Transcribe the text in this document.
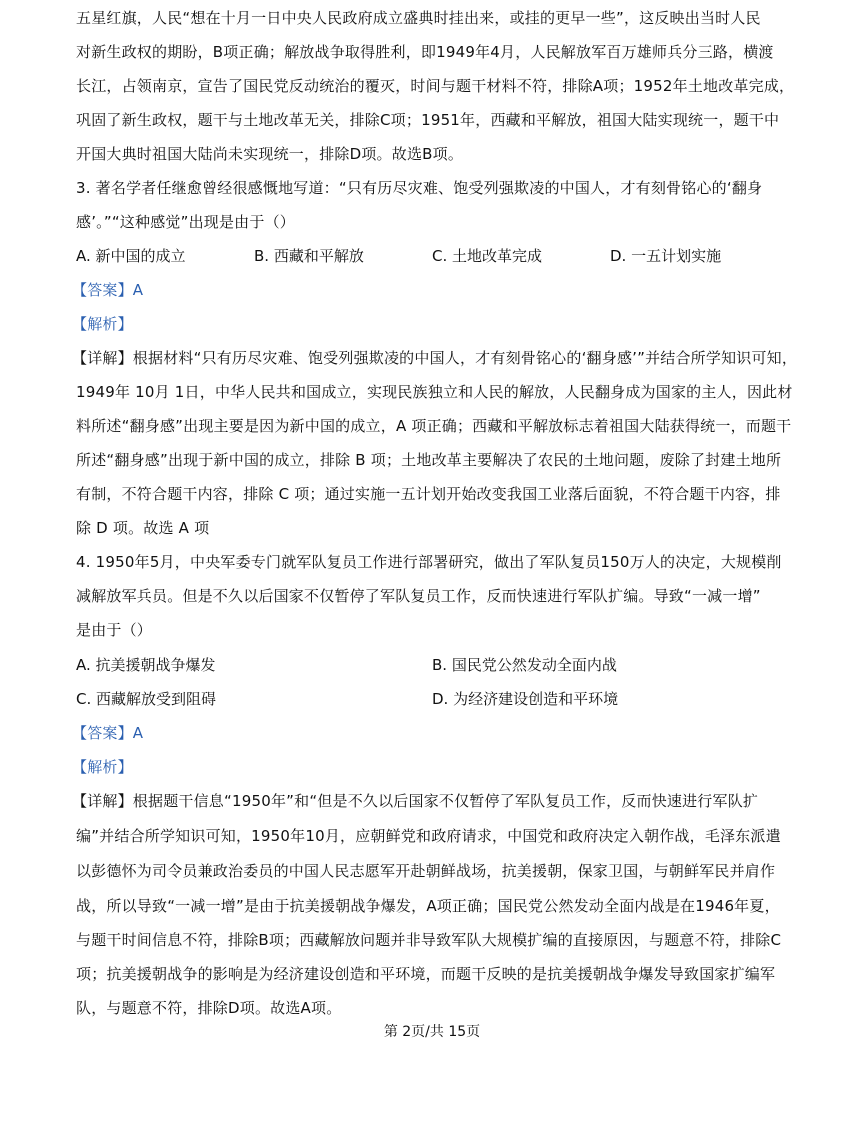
五星红旗，人民“想在十月一日中央人民政府成立盛典时挂出来，或挂的更早一些”，这反映出当时人民
对新生政权的期盼，B项正确；解放战争取得胜利，即1949年4月，人民解放军百万雄师兵分三路，横渡
长江，占领南京，宣告了国民党反动统治的覆灭，时间与题干材料不符，排除A项；1952年土地改革完成，
巩固了新生政权，题干与土地改革无关，排除C项；1951年，西藏和平解放，祖国大陆实现统一，题干中
开国大典时祖国大陆尚未实现统一，排除D项。故选B项。
3. 著名学者任继愈曾经很感慨地写道：“只有历尽灾难、饱受列强欺凌的中国人，才有刻骨铭心的‘翻身
感’。”“这种感觉”出现是由于（）
A. 新中国的成立	B. 西藏和平解放	C. 土地改革完成	D. 一五计划实施
【答案】A
【解析】
【详解】根据材料“只有历尽灾难、饱受列强欺凌的中国人，才有刻骨铭心的‘翻身感’”并结合所学知识可知，
1949年 10月 1日，中华人民共和国成立，实现民族独立和人民的解放，人民翻身成为国家的主人，因此材
料所述“翻身感”出现主要是因为新中国的成立，A 项正确；西藏和平解放标志着祖国大陆获得统一，而题干
所述“翻身感”出现于新中国的成立，排除 B 项；土地改革主要解决了农民的土地问题，废除了封建土地所
有制，不符合题干内容，排除 C 项；通过实施一五计划开始改变我国工业落后面貌，不符合题干内容，排
除 D 项。故选 A 项
4. 1950年5月，中央军委专门就军队复员工作进行部署研究，做出了军队复员150万人的决定，大规模削
减解放军兵员。但是不久以后国家不仅暂停了军队复员工作，反而快速进行军队扩编。导致“一减一增”
是由于（）
A. 抗美援朝战争爆发	B. 国民党公然发动全面内战
C. 西藏解放受到阻碍	D. 为经济建设创造和平环境
【答案】A
【解析】
【详解】根据题干信息“1950年”和“但是不久以后国家不仅暂停了军队复员工作，反而快速进行军队扩
编”并结合所学知识可知，1950年10月，应朝鲜党和政府请求，中国党和政府决定入朝作战，毛泽东派遣
以彭德怀为司令员兼政治委员的中国人民志愿军开赴朝鲜战场，抗美援朝，保家卫国，与朝鲜军民并肩作
战，所以导致“一减一增”是由于抗美援朝战争爆发，A项正确；国民党公然发动全面内战是在1946年夏，
与题干时间信息不符，排除B项；西藏解放问题并非导致军队大规模扩编的直接原因，与题意不符，排除C
项；抗美援朝战争的影响是为经济建设创造和平环境，而题干反映的是抗美援朝战争爆发导致国家扩编军
队，与题意不符，排除D项。故选A项。
第 2页/共 15页
